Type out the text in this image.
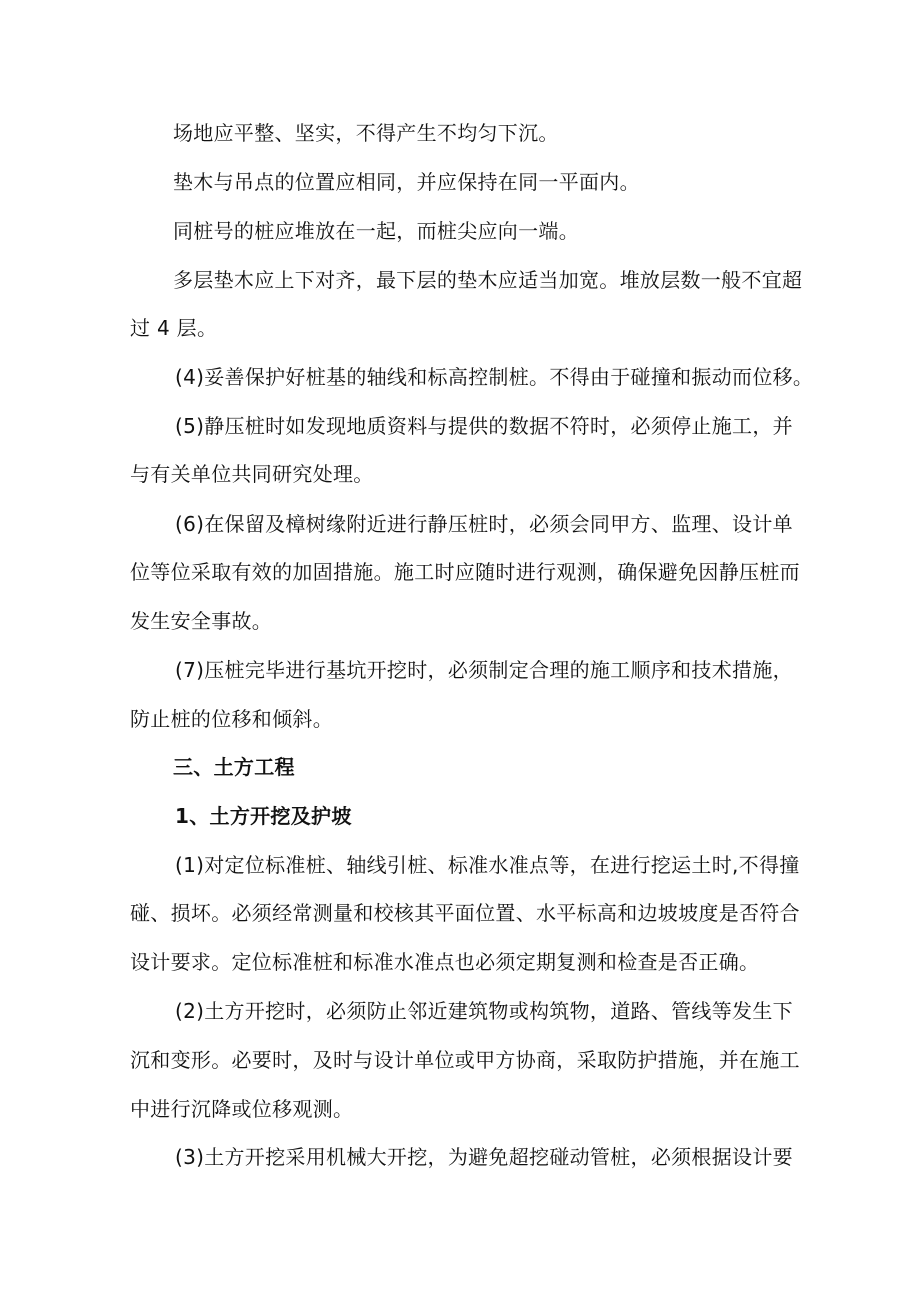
场地应平整、坚实，不得产生不均匀下沉。

垫木与吊点的位置应相同，并应保持在同一平面内。

同桩号的桩应堆放在一起，而桩尖应向一端。

多层垫木应上下对齐，最下层的垫木应适当加宽。堆放层数一般不宜超

过 4 层。

(4)妥善保护好桩基的轴线和标高控制桩。不得由于碰撞和振动而位移。

(5)静压桩时如发现地质资料与提供的数据不符时，必须停止施工，并

与有关单位共同研究处理。

(6)在保留及樟树缘附近进行静压桩时，必须会同甲方、监理、设计单

位等位采取有效的加固措施。施工时应随时进行观测，确保避免因静压桩而

发生安全事故。

(7)压桩完毕进行基坑开挖时，必须制定合理的施工顺序和技术措施，

防止桩的位移和倾斜。

三、土方工程

1、土方开挖及护坡

(1)对定位标准桩、轴线引桩、标准水准点等，在进行挖运土时,不得撞

碰、损坏。必须经常测量和校核其平面位置、水平标高和边坡坡度是否符合

设计要求。定位标准桩和标准水准点也必须定期复测和检查是否正确。

(2)土方开挖时，必须防止邻近建筑物或构筑物，道路、管线等发生下

沉和变形。必要时，及时与设计单位或甲方协商，采取防护措施，并在施工

中进行沉降或位移观测。

(3)土方开挖采用机械大开挖，为避免超挖碰动管桩，必须根据设计要
